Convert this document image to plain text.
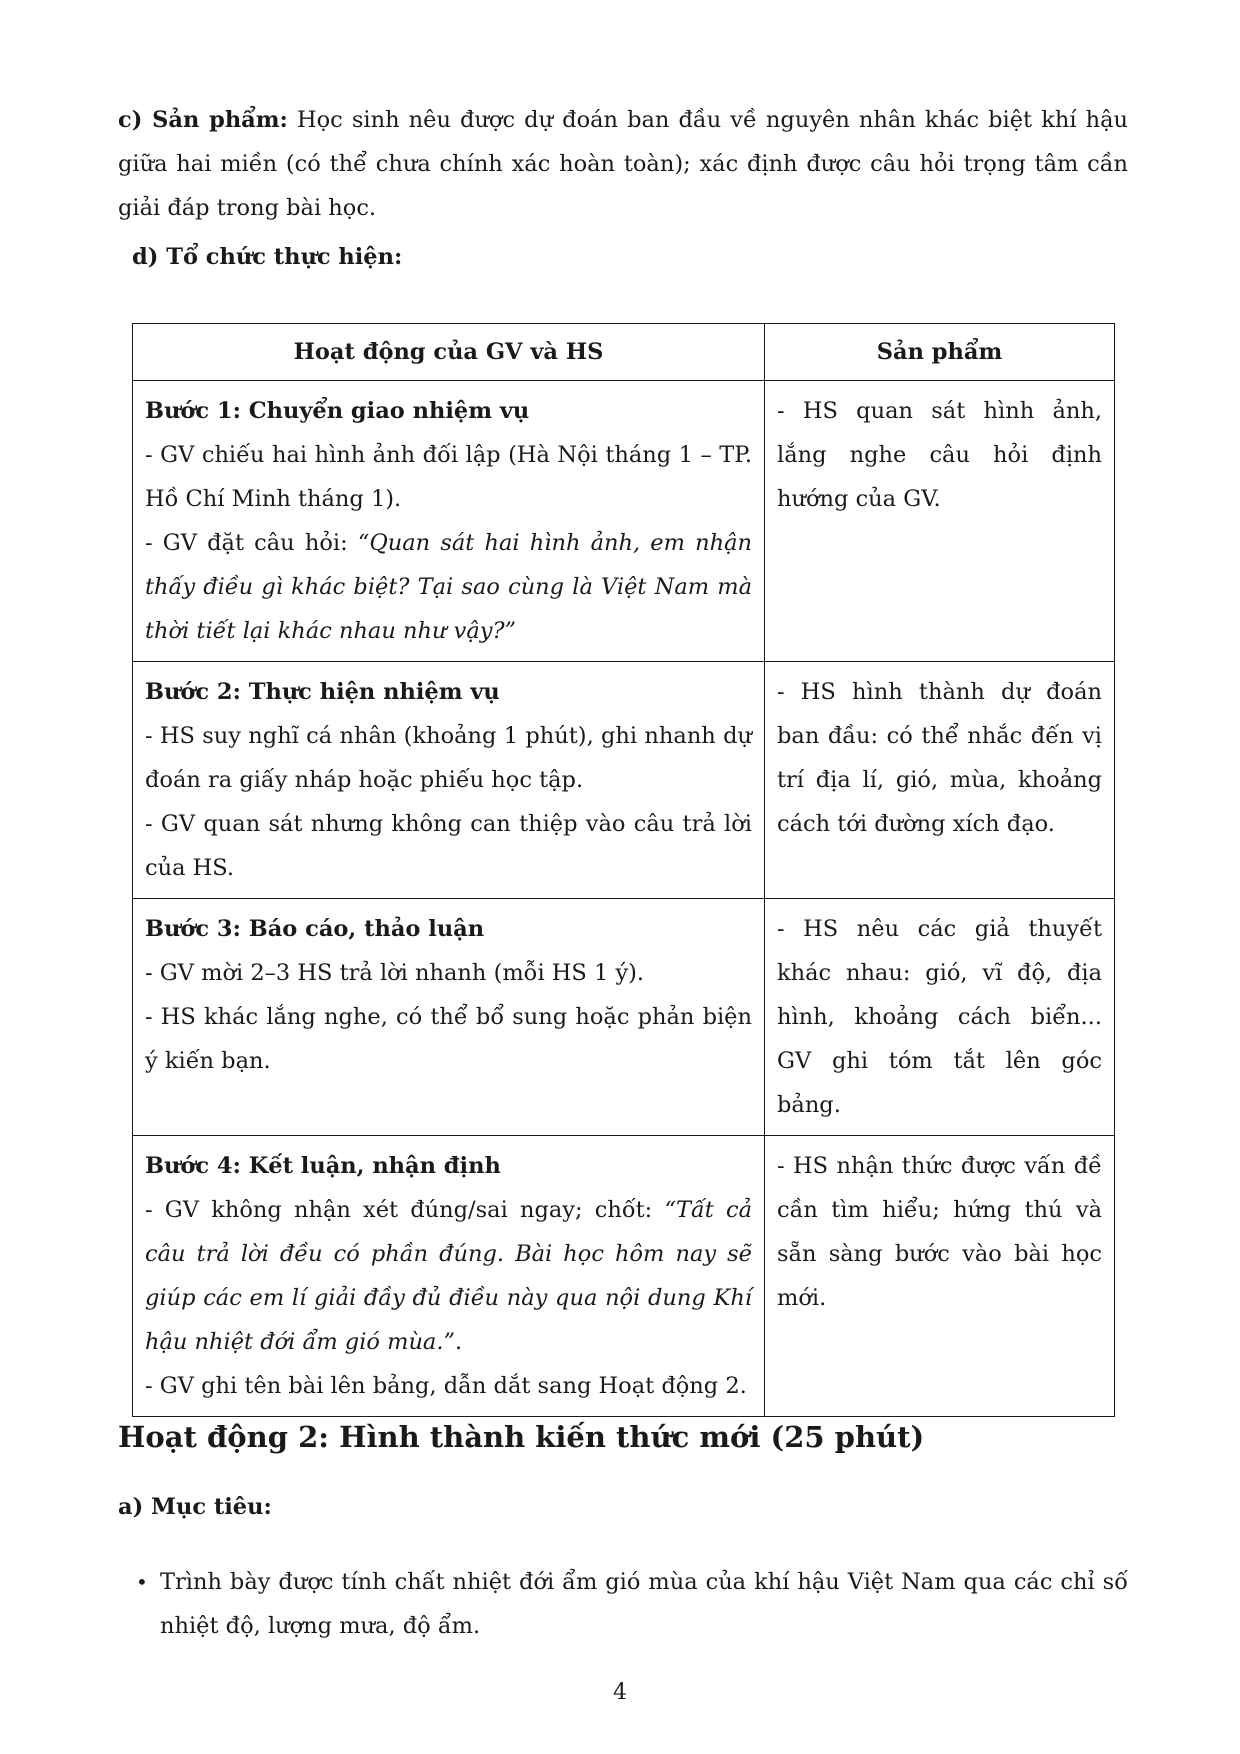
c) Sản phẩm: Học sinh nêu được dự đoán ban đầu về nguyên nhân khác biệt khí hậu giữa hai miền (có thể chưa chính xác hoàn toàn); xác định được câu hỏi trọng tâm cần giải đáp trong bài học.

d) Tổ chức thực hiện:
Hoạt động của GV và HS	Sản phẩm

Bước 1: Chuyển giao nhiệm vụ
- GV chiếu hai hình ảnh đối lập (Hà Nội tháng 1 – TP. Hồ Chí Minh tháng 1).
- GV đặt câu hỏi: “Quan sát hai hình ảnh, em nhận thấy điều gì khác biệt? Tại sao cùng là Việt Nam mà thời tiết lại khác nhau như vậy?”	- HS quan sát hình ảnh, lắng nghe câu hỏi định hướng của GV.

Bước 2: Thực hiện nhiệm vụ
- HS suy nghĩ cá nhân (khoảng 1 phút), ghi nhanh dự đoán ra giấy nháp hoặc phiếu học tập.
- GV quan sát nhưng không can thiệp vào câu trả lời của HS.	- HS hình thành dự đoán ban đầu: có thể nhắc đến vị trí địa lí, gió, mùa, khoảng cách tới đường xích đạo.

Bước 3: Báo cáo, thảo luận
- GV mời 2–3 HS trả lời nhanh (mỗi HS 1 ý).
- HS khác lắng nghe, có thể bổ sung hoặc phản biện ý kiến bạn.	- HS nêu các giả thuyết khác nhau: gió, vĩ độ, địa hình, khoảng cách biển... GV ghi tóm tắt lên góc bảng.

Bước 4: Kết luận, nhận định
- GV không nhận xét đúng/sai ngay; chốt: “Tất cả câu trả lời đều có phần đúng. Bài học hôm nay sẽ giúp các em lí giải đầy đủ điều này qua nội dung Khí hậu nhiệt đới ẩm gió mùa.”.
- GV ghi tên bài lên bảng, dẫn dắt sang Hoạt động 2.	- HS nhận thức được vấn đề cần tìm hiểu; hứng thú và sẵn sàng bước vào bài học mới.
Hoạt động 2: Hình thành kiến thức mới (25 phút)
a) Mục tiêu:
• Trình bày được tính chất nhiệt đới ẩm gió mùa của khí hậu Việt Nam qua các chỉ số nhiệt độ, lượng mưa, độ ẩm.
4
